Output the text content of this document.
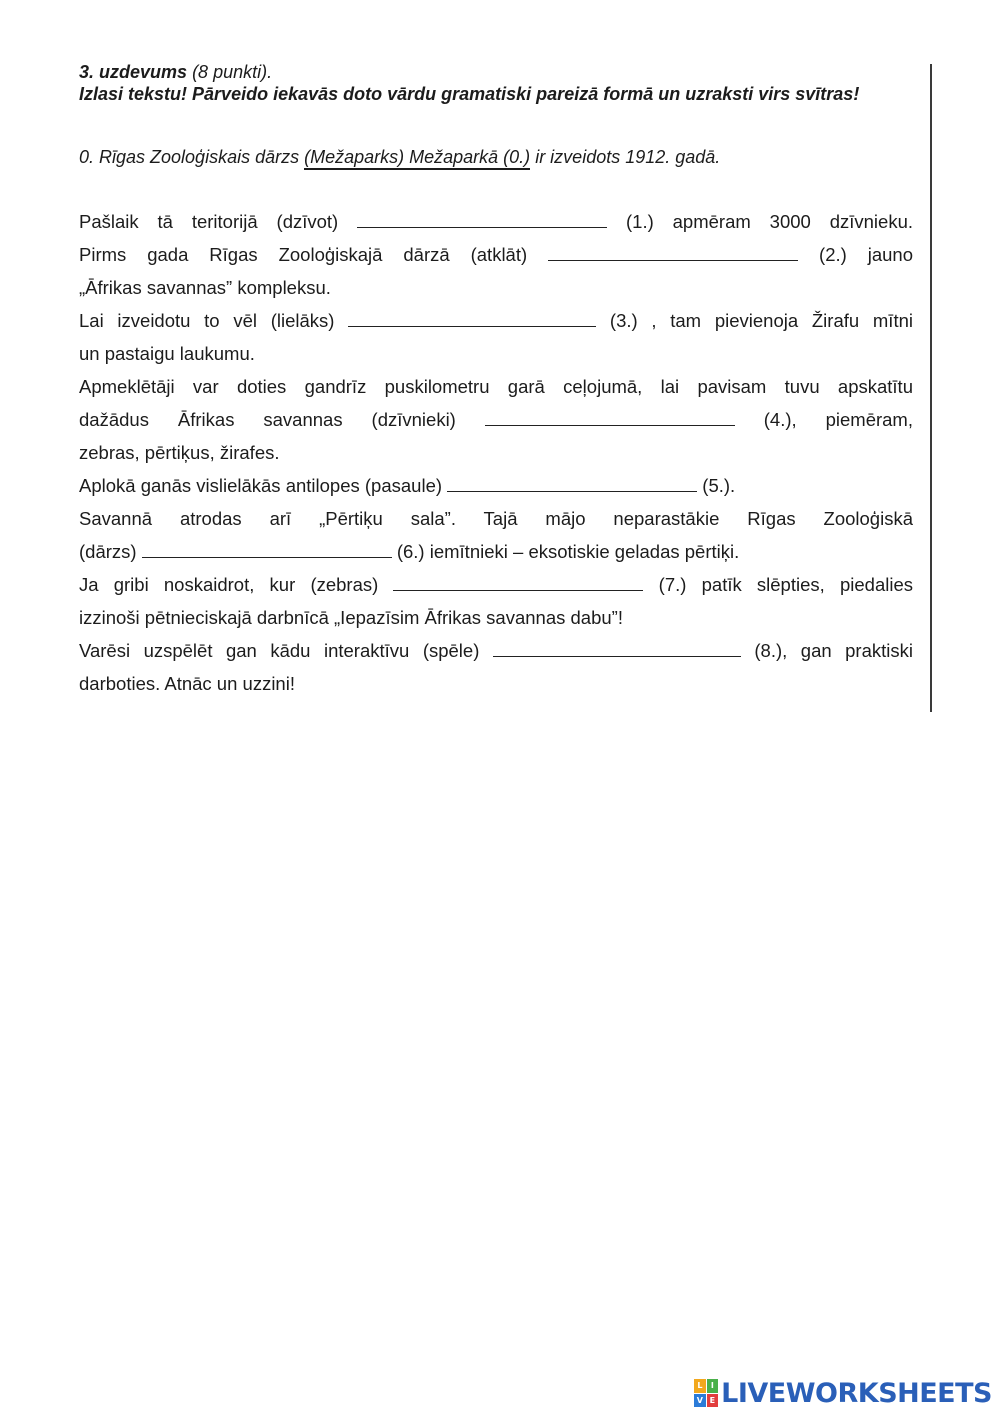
3. uzdevums (8 punkti).
Izlasi tekstu! Pārveido iekavās doto vārdu gramatiski pareizā formā un uzraksti virs svītras!
0. Rīgas Zooloģiskais dārzs (Mežaparks) Mežaparkā (0.) ir izveidots 1912. gadā.
Pašlaik tā teritorijā (dzīvot)	(1.) apmēram 3000 dzīvnieku.
Pirms gada Rīgas Zooloģiskajā dārzā (atklāt)	(2.) jauno
„Āfrikas savannas” kompleksu.
Lai izveidotu to vēl (lielāks)	(3.) , tam pievienoja Žirafu mītni
un pastaigu laukumu.
Apmeklētāji var doties gandrīz puskilometru garā ceļojumā, lai pavisam tuvu apskatītu
dažādus Āfrikas savannas (dzīvnieki)	(4.), piemēram,
zebras, pērtiķus, žirafes.
Aplokā ganās vislielākās antilopes (pasaule)	(5.).
Savannā atrodas arī „Pērtiķu sala”. Tajā mājo neparastākie Rīgas Zooloģiskā
(dārzs)	(6.) iemītnieki – eksotiskie geladas pērtiķi.
Ja gribi noskaidrot, kur (zebras)	(7.) patīk slēpties, piedalies
izzinoši pētnieciskajā darbnīcā „Iepazīsim Āfrikas savannas dabu”!
Varēsi uzspēlēt gan kādu interaktīvu (spēle)	(8.), gan praktiski
darboties. Atnāc un uzzini!
L	I
V E LIVEWORKSHEETS
